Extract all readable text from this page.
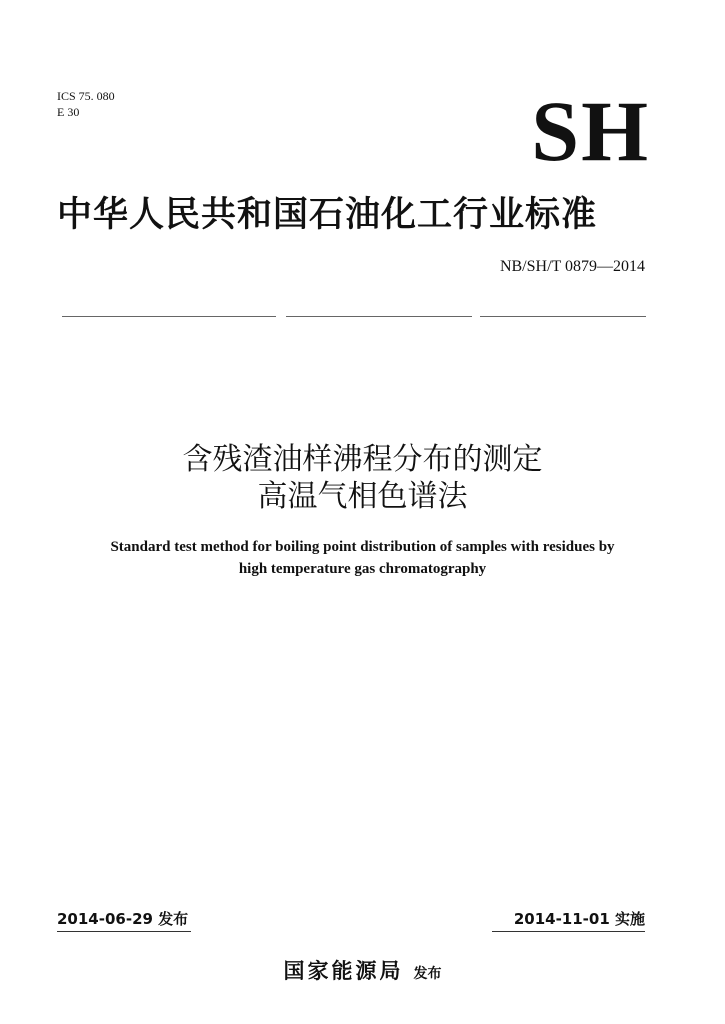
ICS 75. 080
E 30	SH
中华人民共和国石油化工行业标准
NB/SH/T 0879—2014
含残渣油样沸程分布的测定
高温气相色谱法
Standard test method for boiling point distribution of samples with residues by
high temperature gas chromatography
2014-06-29 发布	2014-11-01 实施
国家能源局 发布
